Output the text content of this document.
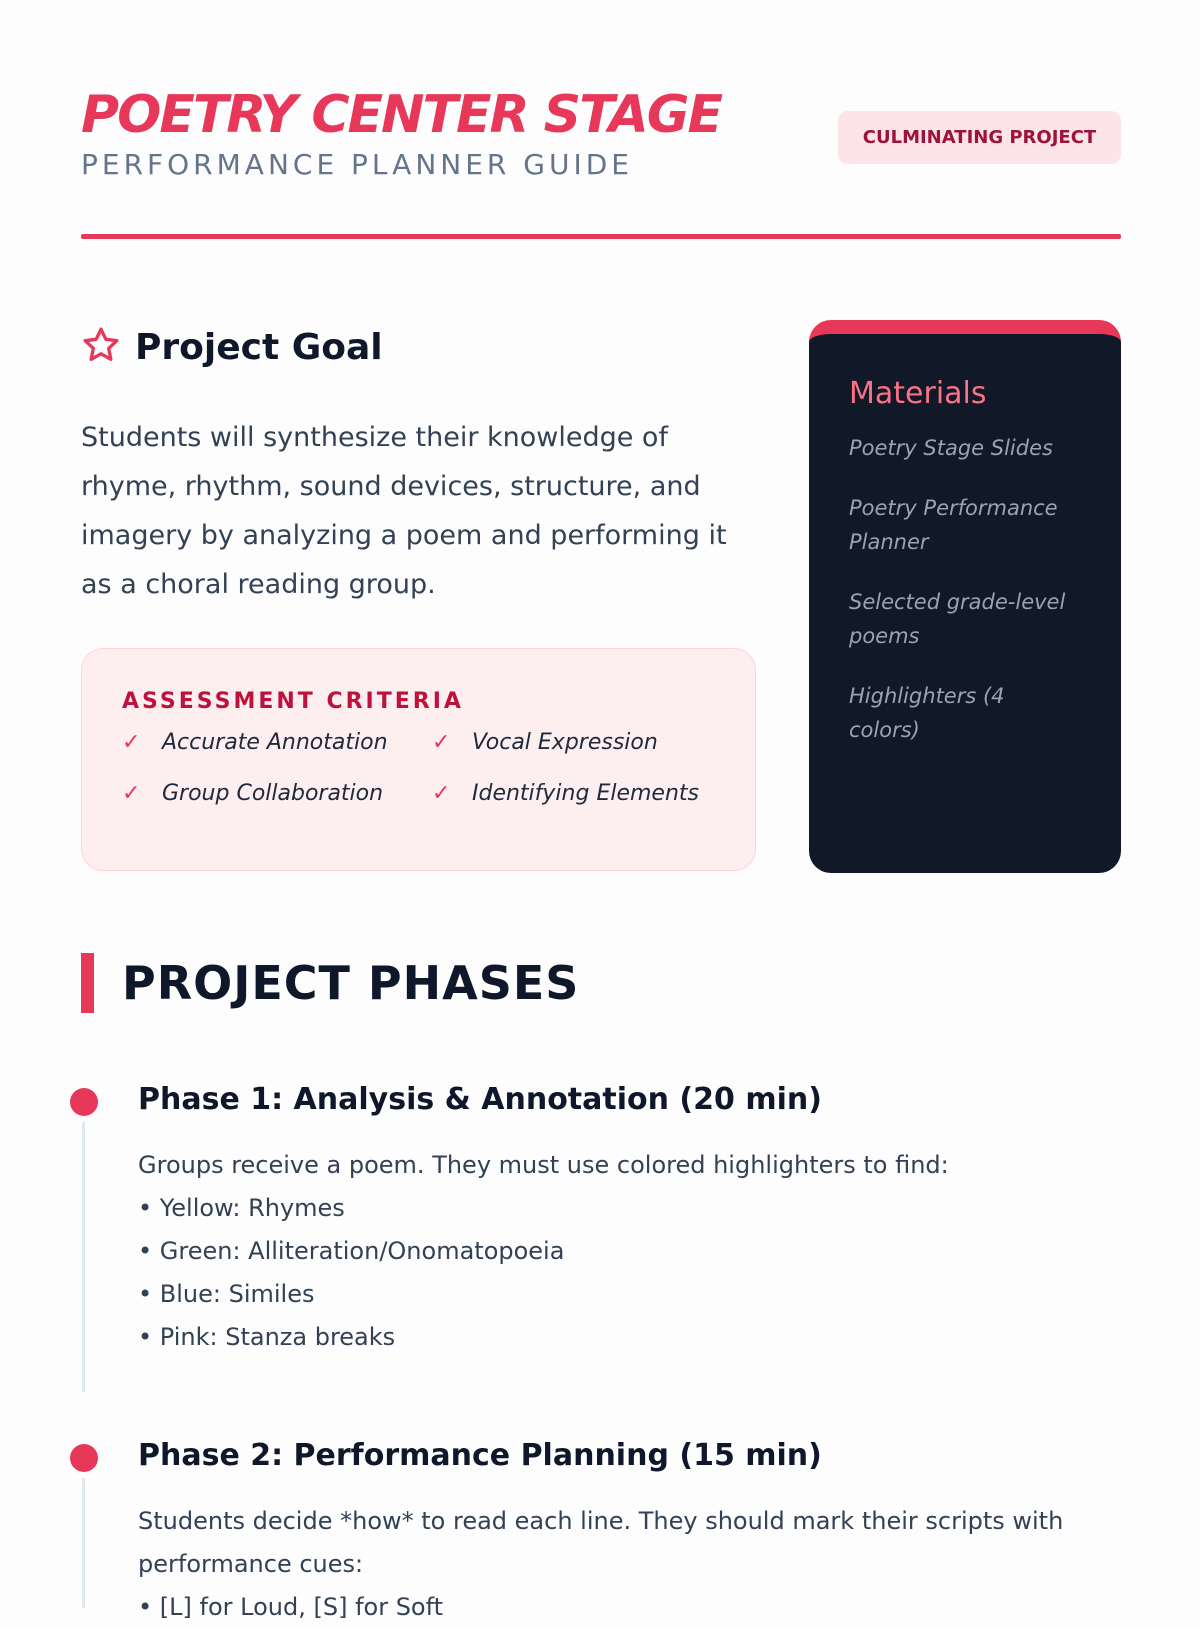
POETRY CENTER STAGE
PERFORMANCE PLANNER GUIDE
CULMINATING PROJECT
Project Goal

Students will synthesize their knowledge of rhyme, rhythm, sound devices, structure, and imagery by analyzing a poem and performing it as a choral reading group.

ASSESSMENT CRITERIA
✓ Accurate Annotation ✓ Vocal Expression
✓ Group Collaboration ✓ Identifying Elements
Materials
Poetry Stage Slides
Poetry Performance Planner
Selected grade-level poems
Highlighters (4 colors)
PROJECT PHASES
Phase 1: Analysis & Annotation (20 min)
Groups receive a poem. They must use colored highlighters to find:
• Yellow: Rhymes
• Green: Alliteration/Onomatopoeia
• Blue: Similes
• Pink: Stanza breaks
Phase 2: Performance Planning (15 min)
Students decide *how* to read each line. They should mark their scripts with performance cues:
• [L] for Loud, [S] for Soft
